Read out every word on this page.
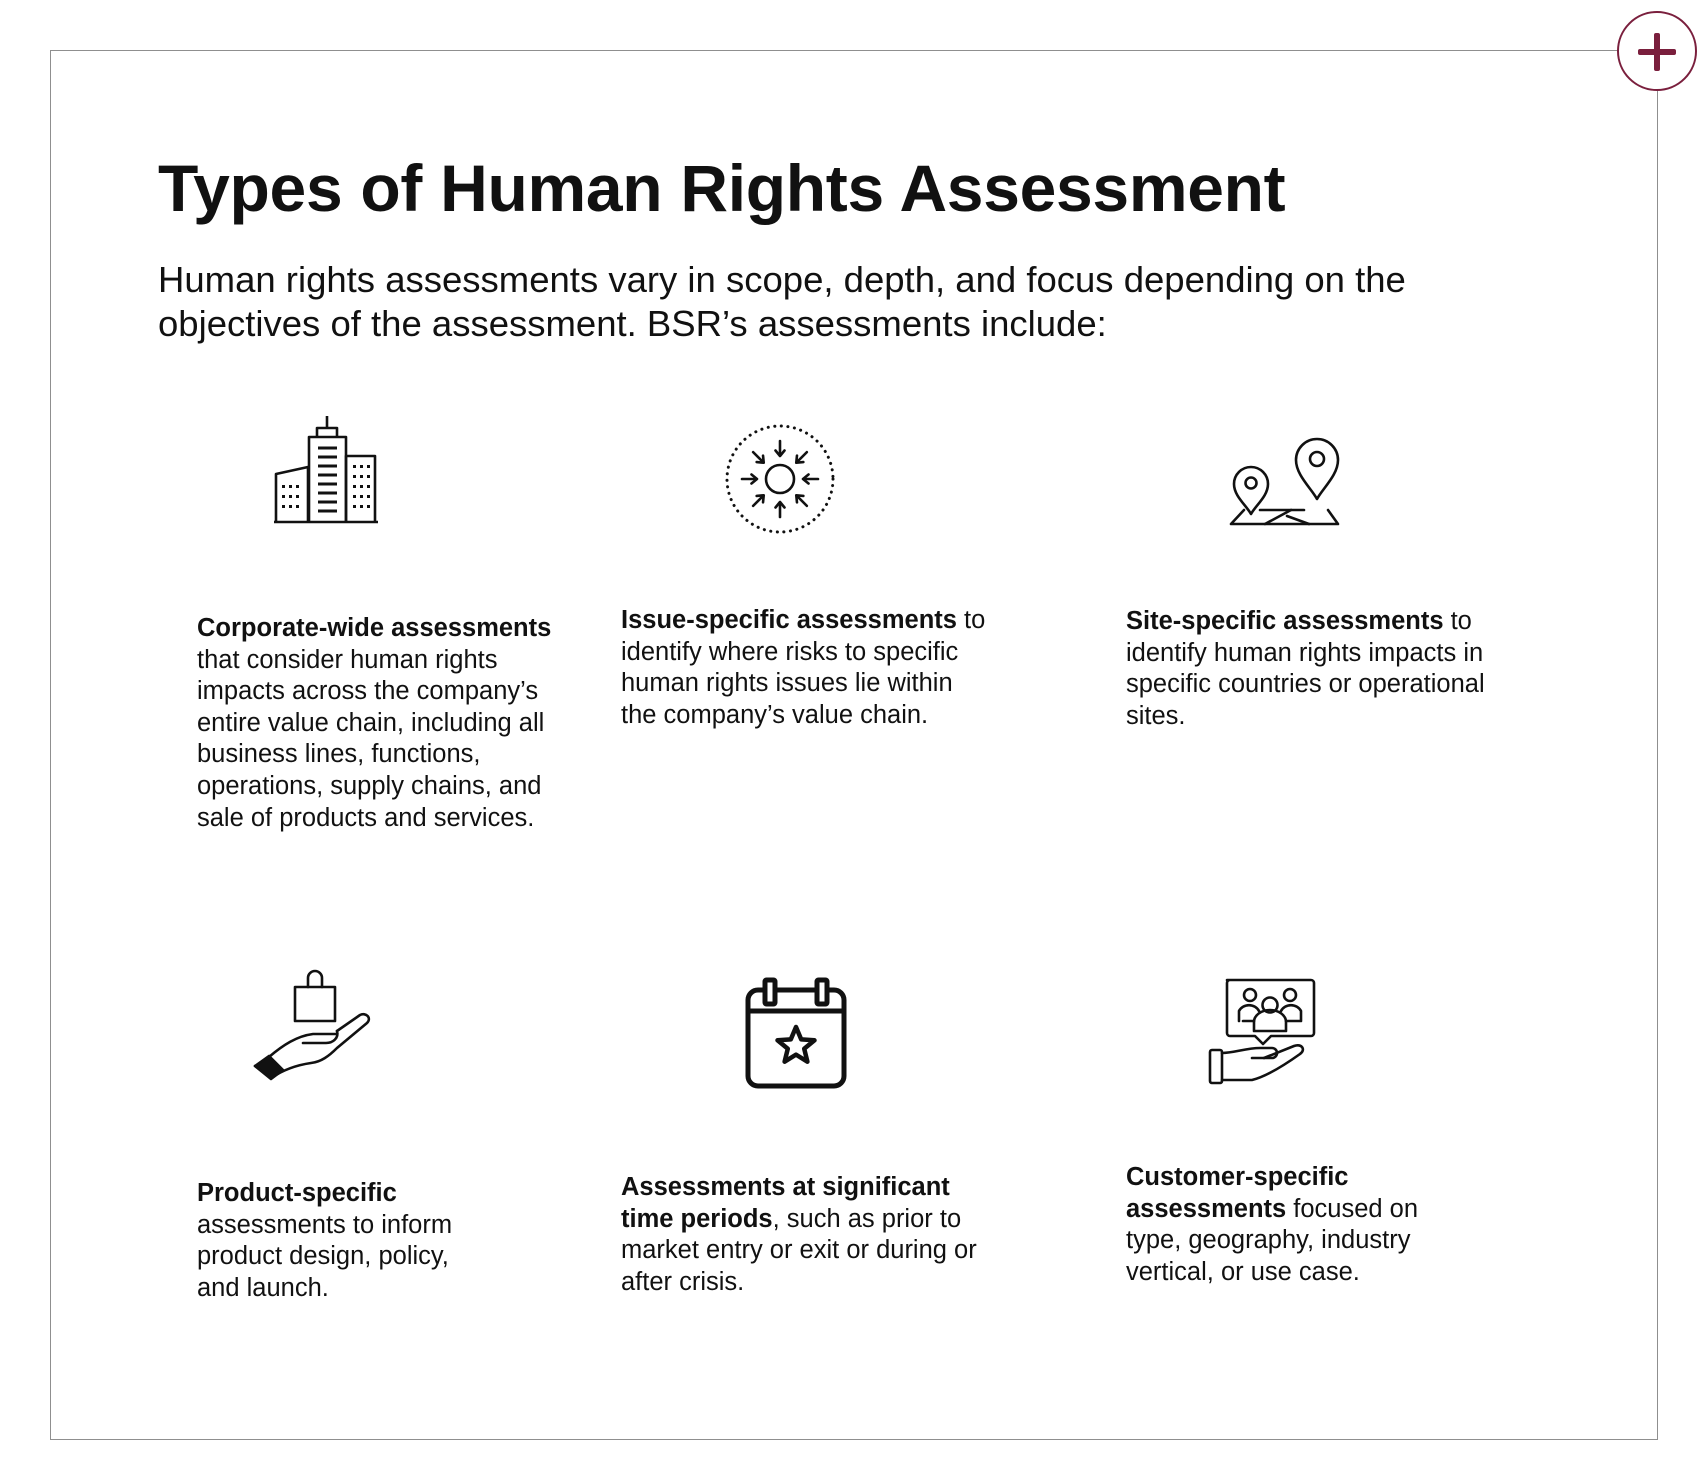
Types of Human Rights Assessment

Human rights assessments vary in scope, depth, and focus depending on the objectives of the assessment. BSR’s assessments include:

Corporate-wide assessments that consider human rights impacts across the company’s entire value chain, including all business lines, functions, operations, supply chains, and sale of products and services.

Issue-specific assessments to identify where risks to specific human rights issues lie within the company’s value chain.

Site-specific assessments to identify human rights impacts in specific countries or operational sites.

Product-specific assessments to inform product design, policy, and launch.

Assessments at significant time periods, such as prior to market entry or exit or during or after crisis.

Customer-specific assessments focused on type, geography, industry vertical, or use case.
